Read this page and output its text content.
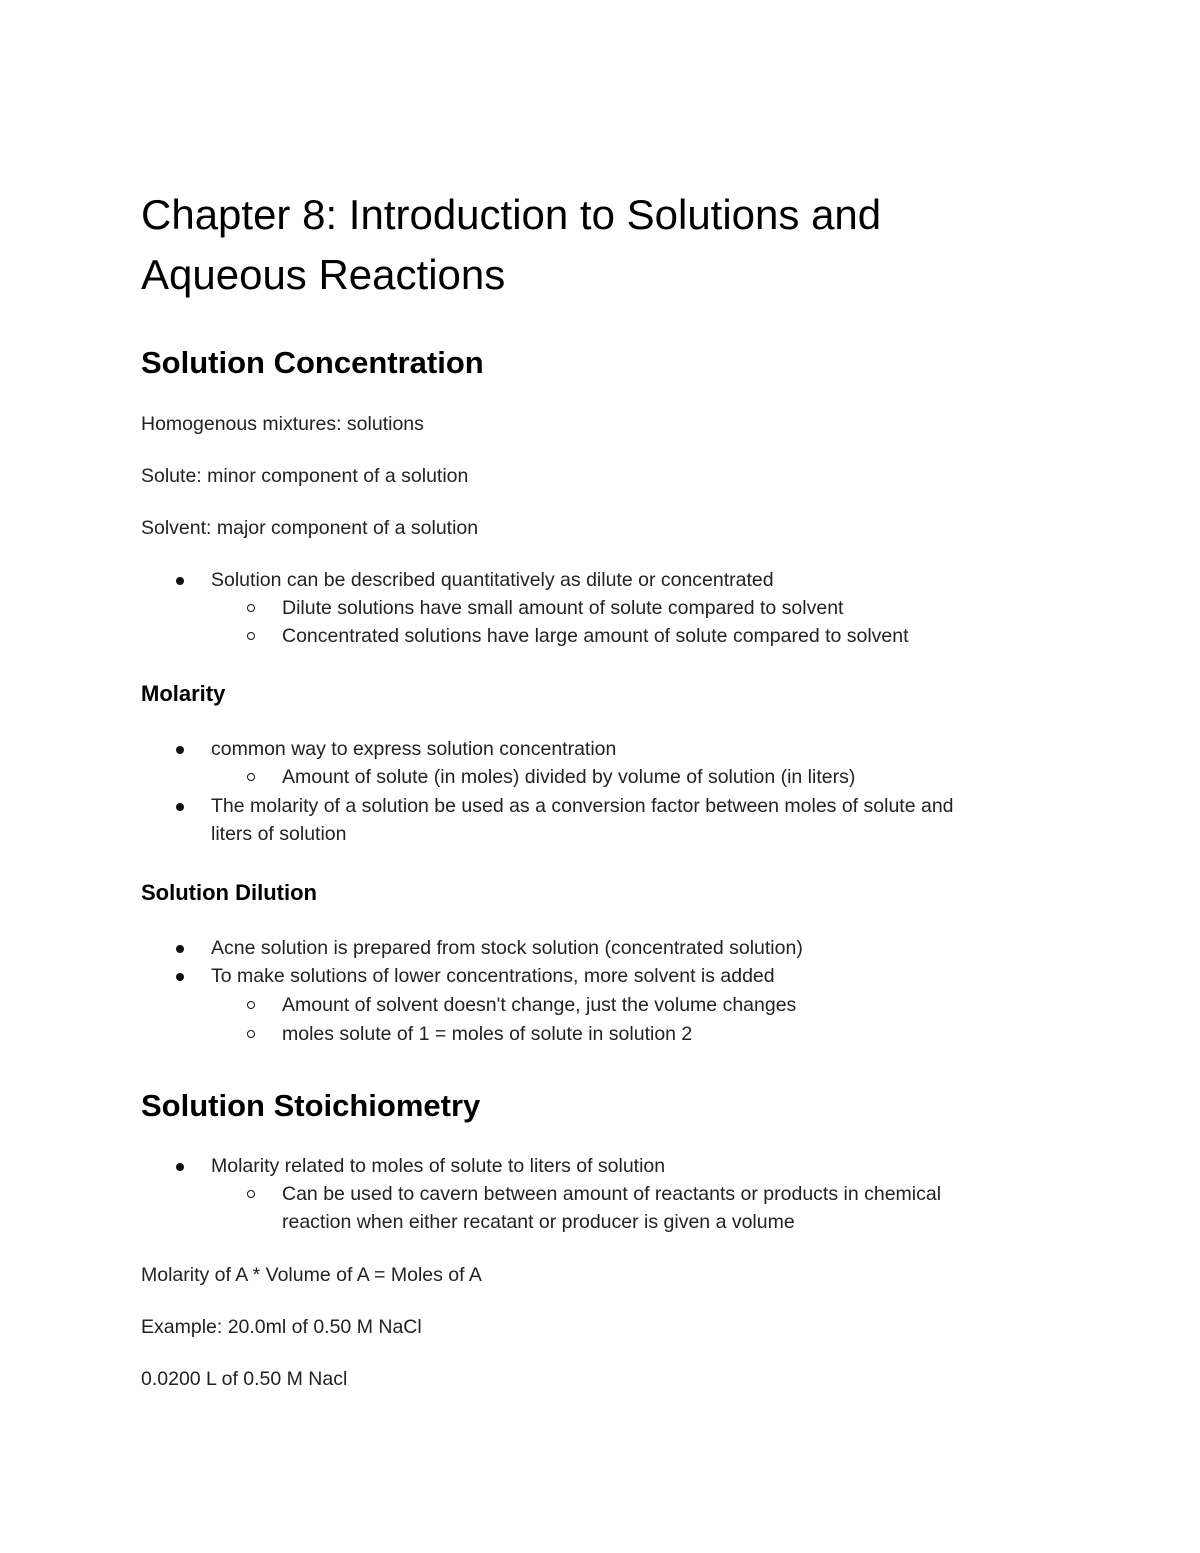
Chapter 8: Introduction to Solutions and
Aqueous Reactions
Solution Concentration

Homogenous mixtures: solutions

Solute: minor component of a solution

Solvent: major component of a solution

Solution can be described quantitatively as dilute or concentrated

Dilute solutions have small amount of solute compared to solvent

Concentrated solutions have large amount of solute compared to solvent

Molarity

common way to express solution concentration

Amount of solute (in moles) divided by volume of solution (in liters)

The molarity of a solution be used as a conversion factor between moles of solute and

liters of solution

Solution Dilution

Acne solution is prepared from stock solution (concentrated solution)

To make solutions of lower concentrations, more solvent is added

Amount of solvent doesn't change, just the volume changes

moles solute of 1 = moles of solute in solution 2

Solution Stoichiometry

Molarity related to moles of solute to liters of solution

Can be used to cavern between amount of reactants or products in chemical

reaction when either recatant or producer is given a volume

Molarity of A * Volume of A = Moles of A

Example: 20.0ml of 0.50 M NaCl

0.0200 L of 0.50 M Nacl
